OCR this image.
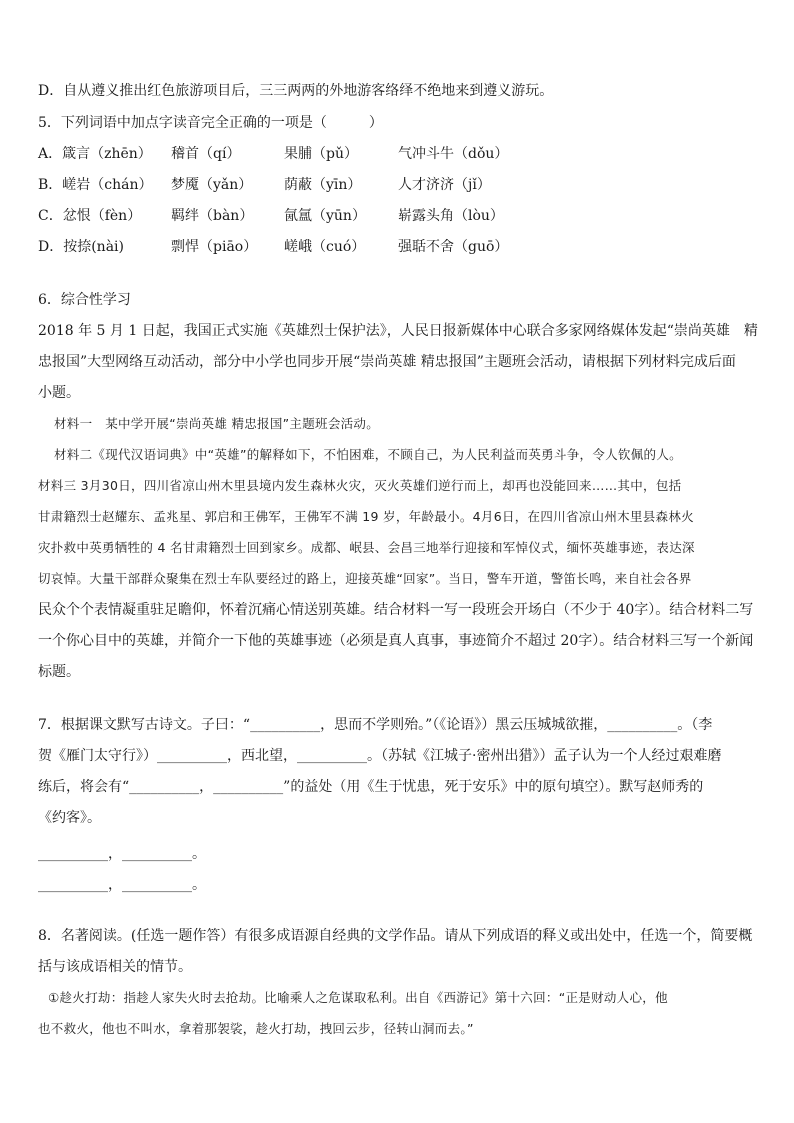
D．自从遵义推出红色旅游项目后，三三两两的外地游客络绎不绝地来到遵义游玩。
5．下列词语中加点字读音完全正确的一项是（　　　）
A．箴言（zhēn） 稽首（qí）	果脯（pǔ）	气冲斗牛（dǒu）
B．嵯岩（chán） 梦魇（yǎn） 荫蔽（yīn）	人才济济（jǐ）
C．忿恨（fèn） 羁绊（bàn） 氤氲（yūn） 崭露头角（lòu）
D．按捺(nài)	剽悍（piāo） 嵯峨（cuó） 强聒不舍（guō）
6．综合性学习
2018 年 5 月 1 日起，我国正式实施《英雄烈士保护法》，人民日报新媒体中心联合多家网络媒体发起“崇尚英雄　精
忠报国”大型网络互动活动，部分中小学也同步开展“崇尚英雄 精忠报国”主题班会活动，请根据下列材料完成后面
小题。
材料一　某中学开展“崇尚英雄 精忠报国”主题班会活动。
材料二《现代汉语词典》中“英雄”的解释如下，不怕困难，不顾自己，为人民利益而英勇斗争，令人钦佩的人。
材料三 3月30日，四川省凉山州木里县境内发生森林火灾，灭火英雄们逆行而上，却再也没能回来……其中，包括
甘肃籍烈士赵耀东、孟兆星、郭启和王佛军，王佛军不满 19 岁，年龄最小。4月6日，在四川省凉山州木里县森林火
灾扑救中英勇牺牲的 4 名甘肃籍烈士回到家乡。成都、岷县、会昌三地举行迎接和军悼仪式，缅怀英雄事迹，表达深
切哀悼。大量干部群众聚集在烈士车队要经过的路上，迎接英雄“回家”。当日，警车开道，警笛长鸣，来自社会各界
民众个个表情凝重驻足瞻仰，怀着沉痛心情送别英雄。结合材料一写一段班会开场白（不少于 40字）。结合材料二写
一个你心目中的英雄，并简介一下他的英雄事迹（必须是真人真事，事迹简介不超过 20字）。结合材料三写一个新闻
标题。
7．根据课文默写古诗文。子曰：“__________，思而不学则殆。”（《论语》）黑云压城城欲摧，__________。（李
贺《雁门太守行》）__________，西北望，__________。（苏轼《江城子·密州出猎》）孟子认为一个人经过艰难磨
练后，将会有“__________，__________”的益处（用《生于忧患，死于安乐》中的原句填空）。默写赵师秀的
《约客》。
__________，__________。
__________，__________。
8．名著阅读。(任选一题作答）有很多成语源自经典的文学作品。请从下列成语的释义或出处中，任选一个，简要概
括与该成语相关的情节。
①趁火打劫：指趁人家失火时去抢劫。比喻乘人之危谋取私利。出自《西游记》第十六回：“正是财动人心，他
也不救火，他也不叫水，拿着那袈裟，趁火打劫，拽回云步，径转山洞而去。”
